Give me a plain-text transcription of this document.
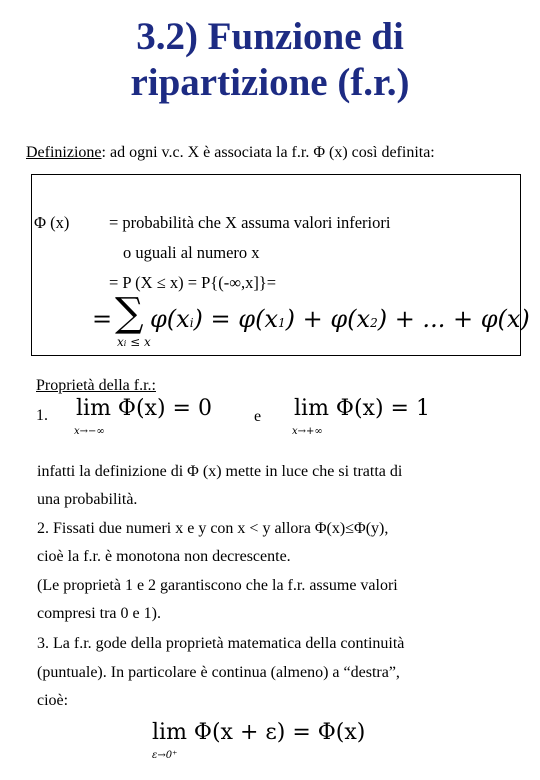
3.2) Funzione di
ripartizione (f.r.)
Definizione: ad ogni v.c. X è associata la f.r. Φ (x) così definita:
Φ (x) = probabilità che X assuma valori inferiori
o uguali al numero x
= P (X ≤ x) = P{(-∞,x]}=
= ∑
xi ≤ x
φ(xi) = φ(x1) + φ(x2) + ... + φ(x)
Proprietà della f.r.:
1. lim Φ(x) = 0
x→−∞
e lim Φ(x) = 1
x→+∞
infatti la definizione di Φ (x) mette in luce che si tratta di
una probabilità.
2. Fissati due numeri x e y con x < y allora Φ(x)≤Φ(y),
cioè la f.r. è monotona non decrescente.
(Le proprietà 1 e 2 garantiscono che la f.r. assume valori
compresi tra 0 e 1).
3. La f.r. gode della proprietà matematica della continuità
(puntuale). In particolare è continua (almeno) a “destra”,
cioè:
lim Φ(x + ε) = Φ(x)
ε→0⁺
